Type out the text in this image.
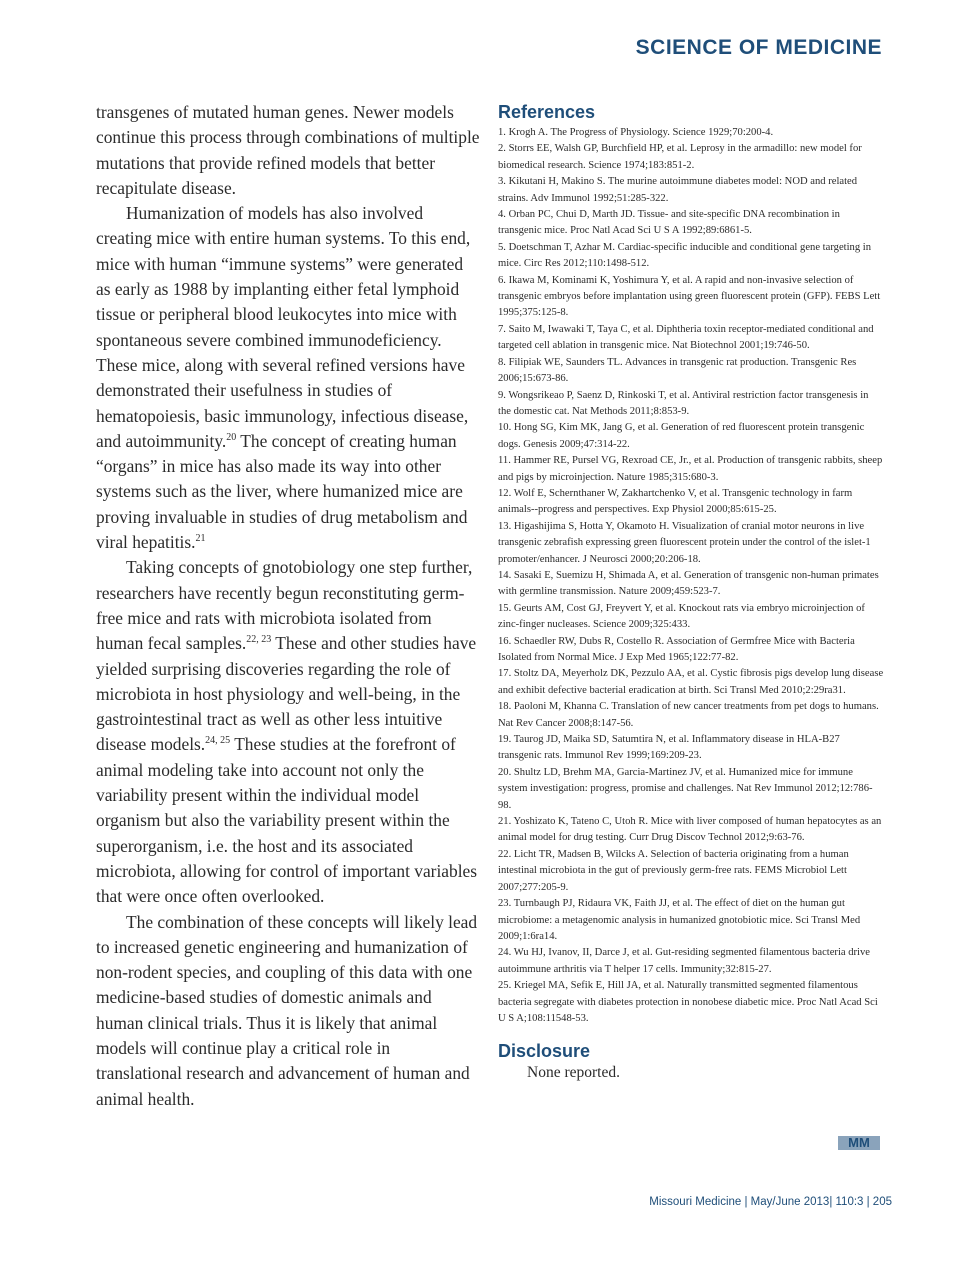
SCIENCE OF MEDICINE

transgenes of mutated human genes. Newer models continue this process through combinations of multiple mutations that provide refined models that better recapitulate disease.

Humanization of models has also involved creating mice with entire human systems. To this end, mice with human “immune systems” were generated as early as 1988 by implanting either fetal lymphoid tissue or peripheral blood leukocytes into mice with spontaneous severe combined immunodeficiency. These mice, along with several refined versions have demonstrated their usefulness in studies of hematopoiesis, basic immunology, infectious disease, and autoimmunity.$^{20}$ The concept of creating human “organs” in mice has also made its way into other systems such as the liver, where humanized mice are proving invaluable in studies of drug metabolism and viral hepatitis.$^{21}$

Taking concepts of gnotobiology one step further, researchers have recently begun reconstituting germ-free mice and rats with microbiota isolated from human fecal samples.$^{22, 23}$ These and other studies have yielded surprising discoveries regarding the role of microbiota in host physiology and well-being, in the gastrointestinal tract as well as other less intuitive disease models.$^{24, 25}$ These studies at the forefront of animal modeling take into account not only the variability present within the individual model organism but also the variability present within the superorganism, i.e. the host and its associated microbiota, allowing for control of important variables that were once often overlooked.

The combination of these concepts will likely lead to increased genetic engineering and humanization of non-rodent species, and coupling of this data with one medicine-based studies of domestic animals and human clinical trials. Thus it is likely that animal models will continue play a critical role in translational research and advancement of human and animal health.

References
1. Krogh A. The Progress of Physiology. Science 1929;70:200-4.
2. Storrs EE, Walsh GP, Burchfield HP, et al. Leprosy in the armadillo: new model for biomedical research. Science 1974;183:851-2.
3. Kikutani H, Makino S. The murine autoimmune diabetes model: NOD and related strains. Adv Immunol 1992;51:285-322.
4. Orban PC, Chui D, Marth JD. Tissue- and site-specific DNA recombination in transgenic mice. Proc Natl Acad Sci U S A 1992;89:6861-5.
5. Doetschman T, Azhar M. Cardiac-specific inducible and conditional gene targeting in mice. Circ Res 2012;110:1498-512.
6. Ikawa M, Kominami K, Yoshimura Y, et al. A rapid and non-invasive selection of transgenic embryos before implantation using green fluorescent protein (GFP). FEBS Lett 1995;375:125-8.
7. Saito M, Iwawaki T, Taya C, et al. Diphtheria toxin receptor-mediated conditional and targeted cell ablation in transgenic mice. Nat Biotechnol 2001;19:746-50.
8. Filipiak WE, Saunders TL. Advances in transgenic rat production. Transgenic Res 2006;15:673-86.
9. Wongsrikeao P, Saenz D, Rinkoski T, et al. Antiviral restriction factor transgenesis in the domestic cat. Nat Methods 2011;8:853-9.
10. Hong SG, Kim MK, Jang G, et al. Generation of red fluorescent protein transgenic dogs. Genesis 2009;47:314-22.
11. Hammer RE, Pursel VG, Rexroad CE, Jr., et al. Production of transgenic rabbits, sheep and pigs by microinjection. Nature 1985;315:680-3.
12. Wolf E, Schernthaner W, Zakhartchenko V, et al. Transgenic technology in farm animals--progress and perspectives. Exp Physiol 2000;85:615-25.
13. Higashijima S, Hotta Y, Okamoto H. Visualization of cranial motor neurons in live transgenic zebrafish expressing green fluorescent protein under the control of the islet-1 promoter/enhancer. J Neurosci 2000;20:206-18.
14. Sasaki E, Suemizu H, Shimada A, et al. Generation of transgenic non-human primates with germline transmission. Nature 2009;459:523-7.
15. Geurts AM, Cost GJ, Freyvert Y, et al. Knockout rats via embryo microinjection of zinc-finger nucleases. Science 2009;325:433.
16. Schaedler RW, Dubs R, Costello R. Association of Germfree Mice with Bacteria Isolated from Normal Mice. J Exp Med 1965;122:77-82.
17. Stoltz DA, Meyerholz DK, Pezzulo AA, et al. Cystic fibrosis pigs develop lung disease and exhibit defective bacterial eradication at birth. Sci Transl Med 2010;2:29ra31.
18. Paoloni M, Khanna C. Translation of new cancer treatments from pet dogs to humans. Nat Rev Cancer 2008;8:147-56.
19. Taurog JD, Maika SD, Satumtira N, et al. Inflammatory disease in HLA-B27 transgenic rats. Immunol Rev 1999;169:209-23.
20. Shultz LD, Brehm MA, Garcia-Martinez JV, et al. Humanized mice for immune system investigation: progress, promise and challenges. Nat Rev Immunol 2012;12:786-98.
21. Yoshizato K, Tateno C, Utoh R. Mice with liver composed of human hepatocytes as an animal model for drug testing. Curr Drug Discov Technol 2012;9:63-76.
22. Licht TR, Madsen B, Wilcks A. Selection of bacteria originating from a human intestinal microbiota in the gut of previously germ-free rats. FEMS Microbiol Lett 2007;277:205-9.
23. Turnbaugh PJ, Ridaura VK, Faith JJ, et al. The effect of diet on the human gut microbiome: a metagenomic analysis in humanized gnotobiotic mice. Sci Transl Med 2009;1:6ra14.
24. Wu HJ, Ivanov, II, Darce J, et al. Gut-residing segmented filamentous bacteria drive autoimmune arthritis via T helper 17 cells. Immunity;32:815-27.
25. Kriegel MA, Sefik E, Hill JA, et al. Naturally transmitted segmented filamentous bacteria segregate with diabetes protection in nonobese diabetic mice. Proc Natl Acad Sci U S A;108:11548-53.
Disclosure
None reported.
MM
Missouri Medicine | May/June 2013| 110:3 | 205
